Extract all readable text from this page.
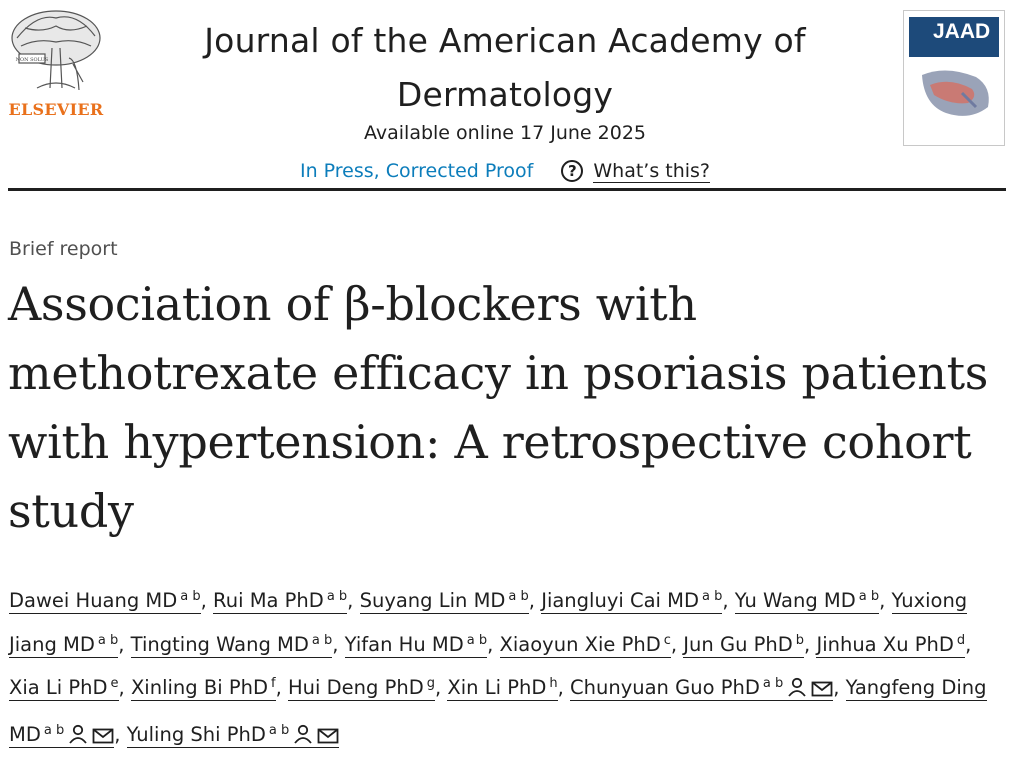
NON SOLUS
ELSEVIER
Journal of the American Academy of Dermatology
Available online 17 June 2025
In Press, Corrected Proof	? What’s this?
JAAD
Brief report
Association of β-blockers with methotrexate efficacy in psoriasis patients with hypertension: A retrospective cohort study
Dawei Huang MD $^{a b}$, Rui Ma PhD $^{a b}$, Suyang Lin MD $^{a b}$, Jiangluyi Cai MD $^{a b}$, Yu Wang MD $^{a b}$, Yuxiong Jiang MD $^{a b}$, Tingting Wang MD $^{a b}$, Yifan Hu MD $^{a b}$, Xiaoyun Xie PhD $^c$, Jun Gu PhD $^b$, Jinhua Xu PhD $^d$, Xia Li PhD $^e$, Xinling Bi PhD $^f$, Hui Deng PhD $^g$, Xin Li PhD $^h$, Chunyuan Guo PhD $^{a b}$	, Yangfeng Ding MD $^{a b}$	, Yuling Shi PhD $^{a b}$
